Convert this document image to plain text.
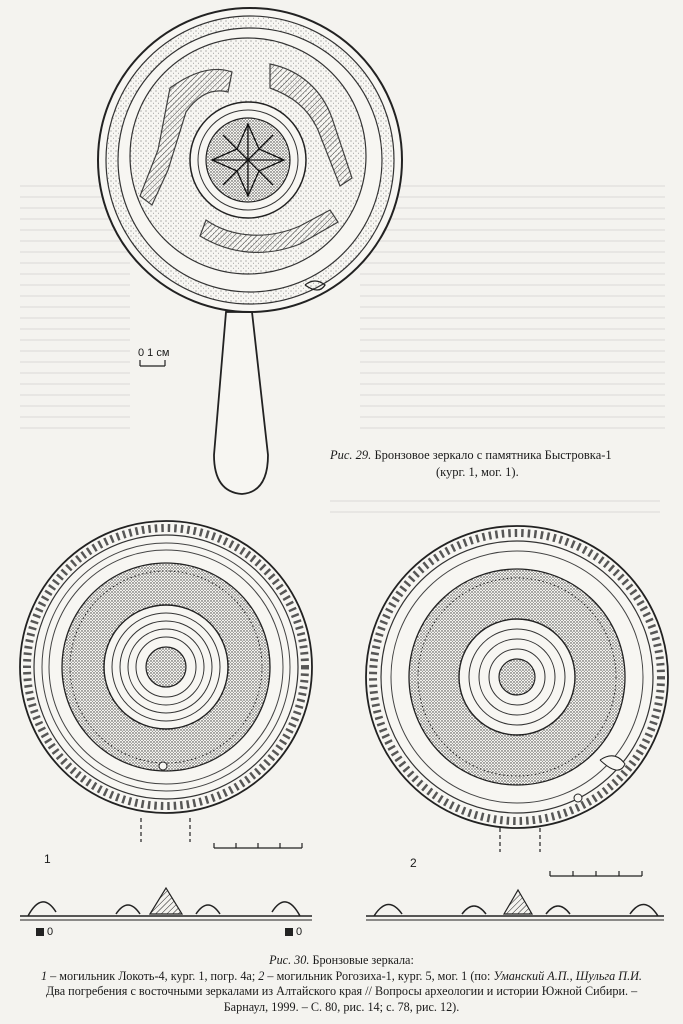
0 1 см
Рис. 29. Бронзовое зеркало с памятника Быстровка-1
(кург. 1, мог. 1).
1	2
0	0
Рис. 30. Бронзовые зеркала:
1 – могильник Локоть-4, кург. 1, погр. 4а; 2 – могильник Рогозиха-1, кург. 5, мог. 1 (по: Уманский А.П., Шульга П.И.
Два погребения с восточными зеркалами из Алтайского края // Вопросы археологии и истории Южной Сибири. –
Барнаул, 1999. – С. 80, рис. 14; с. 78, рис. 12).
